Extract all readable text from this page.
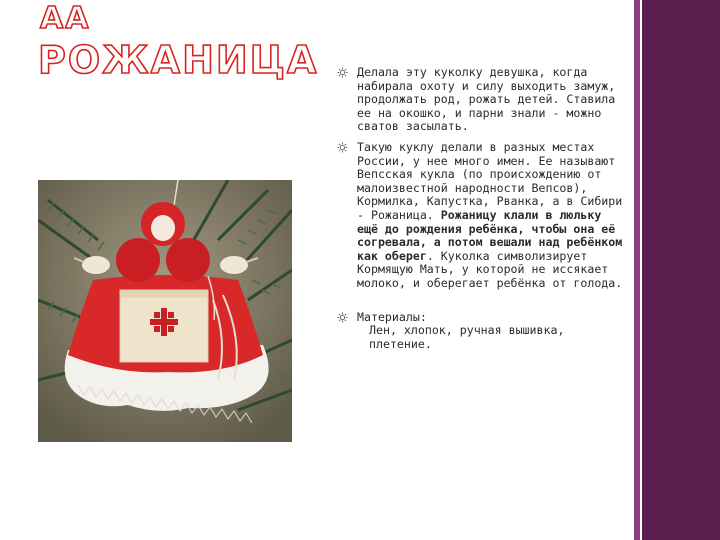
АА
РОЖАНИЦА	Делала эту куколку девушка, когда набирала охоту и силу выходить замуж, продолжать род, рожать детей. Ставила ее на окошко, и парни знали - можно сватов засылать.
Такую куклу делали в разных местах России, у нее много имен. Ее называют Вепсская кукла (по происхождению от малоизвестной народности Вепсов), Кормилка, Капустка, Рванка, а в Сибири - Рожаница. Рожаницу клали в люльку ещё до рождения ребёнка, чтобы она её согревала, а потом вешали над ребёнком как оберег. Куколка символизирует Кормящую Мать, у которой не иссякает молоко, и оберегает ребёнка от голода.
Материалы:
Лен, хлопок, ручная вышивка, плетение.
